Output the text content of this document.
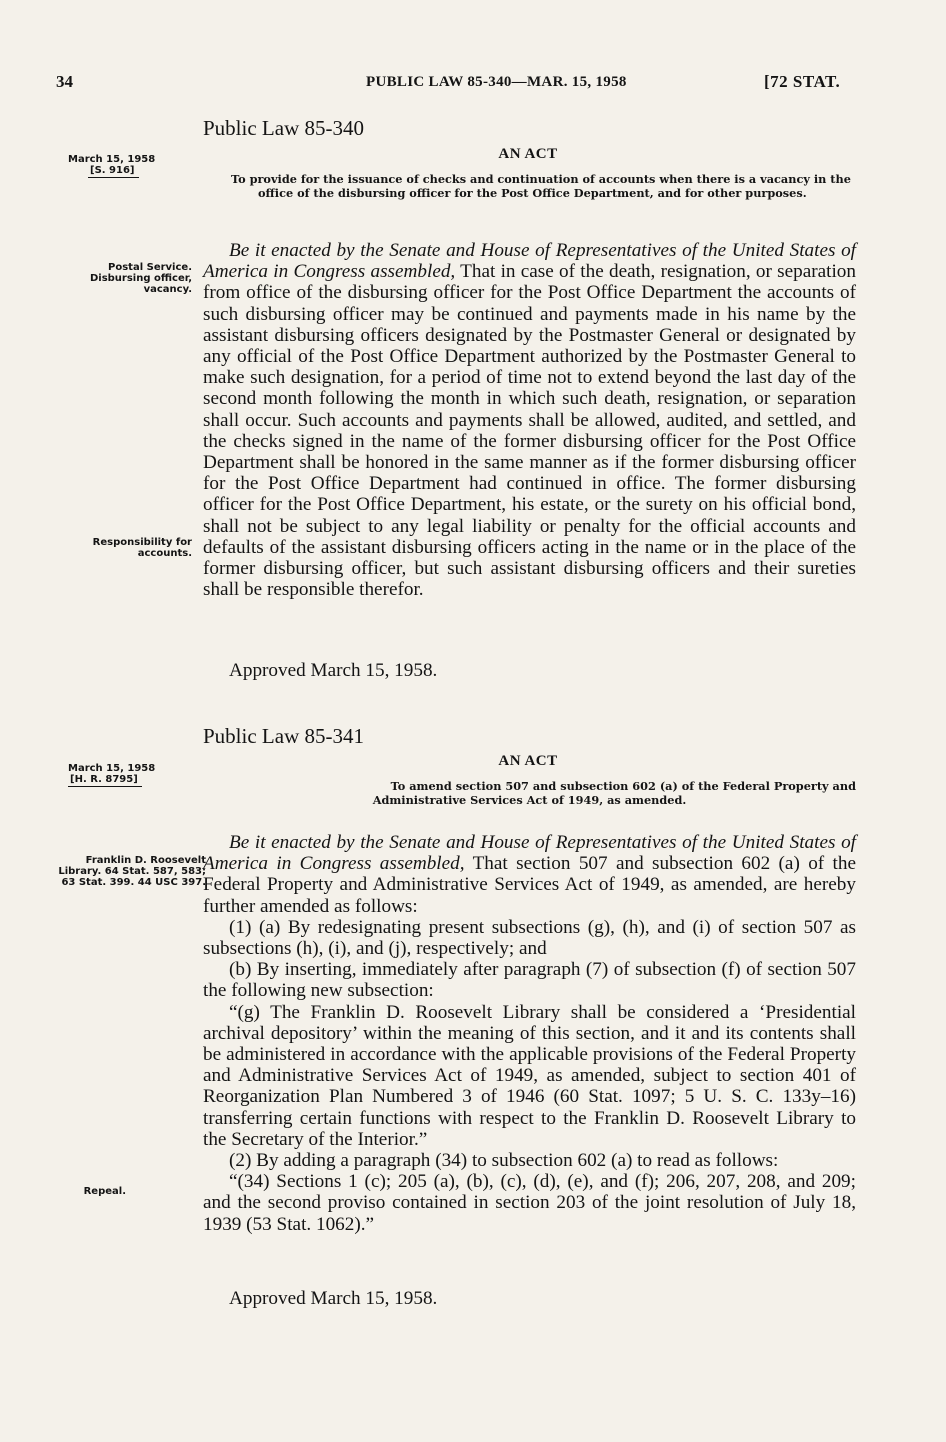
34	PUBLIC LAW 85-340—MAR. 15, 1958	[72 STAT.
Public Law 85-340
March 15, 1958
[S. 916]
AN ACT
To provide for the issuance of checks and continuation of accounts when there is a vacancy in the office of the disbursing officer for the Post Office Department, and for other purposes.
Postal Service. Disbursing officer, vacancy.
Responsibility for accounts.

Be it enacted by the Senate and House of Representatives of the United States of America in Congress assembled, That in case of the death, resignation, or separation from office of the disbursing officer for the Post Office Department the accounts of such disbursing officer may be continued and payments made in his name by the assistant disbursing officers designated by the Postmaster General or designated by any official of the Post Office Department authorized by the Postmaster General to make such designation, for a period of time not to extend beyond the last day of the second month following the month in which such death, resignation, or separation shall occur. Such accounts and payments shall be allowed, audited, and settled, and the checks signed in the name of the former disbursing officer for the Post Office Department shall be honored in the same manner as if the former disbursing officer for the Post Office Department had continued in office. The former disbursing officer for the Post Office Department, his estate, or the surety on his official bond, shall not be subject to any legal liability or penalty for the official accounts and defaults of the assistant disbursing officers acting in the name or in the place of the former disbursing officer, but such assistant disbursing officers and their sureties shall be responsible therefor.

Approved March 15, 1958.
Public Law 85-341
March 15, 1958
[H. R. 8795]
AN ACT
To amend section 507 and subsection 602 (a) of the Federal Property and
Administrative Services Act of 1949, as amended.
Franklin D. Roosevelt Library. 64 Stat. 587, 583; 63 Stat. 399. 44 USC 397.
Repeal.

Be it enacted by the Senate and House of Representatives of the United States of America in Congress assembled, That section 507 and subsection 602 (a) of the Federal Property and Administrative Services Act of 1949, as amended, are hereby further amended as follows:

(1) (a) By redesignating present subsections (g), (h), and (i) of section 507 as subsections (h), (i), and (j), respectively; and

(b) By inserting, immediately after paragraph (7) of subsection (f) of section 507 the following new subsection:

“(g) The Franklin D. Roosevelt Library shall be considered a ‘Presidential archival depository’ within the meaning of this section, and it and its contents shall be administered in accordance with the applicable provisions of the Federal Property and Administrative Services Act of 1949, as amended, subject to section 401 of Reorganization Plan Numbered 3 of 1946 (60 Stat. 1097; 5 U. S. C. 133y–16) transferring certain functions with respect to the Franklin D. Roosevelt Library to the Secretary of the Interior.”

(2) By adding a paragraph (34) to subsection 602 (a) to read as follows:

“(34) Sections 1 (c); 205 (a), (b), (c), (d), (e), and (f); 206, 207, 208, and 209; and the second proviso contained in section 203 of the joint resolution of July 18, 1939 (53 Stat. 1062).”

Approved March 15, 1958.
